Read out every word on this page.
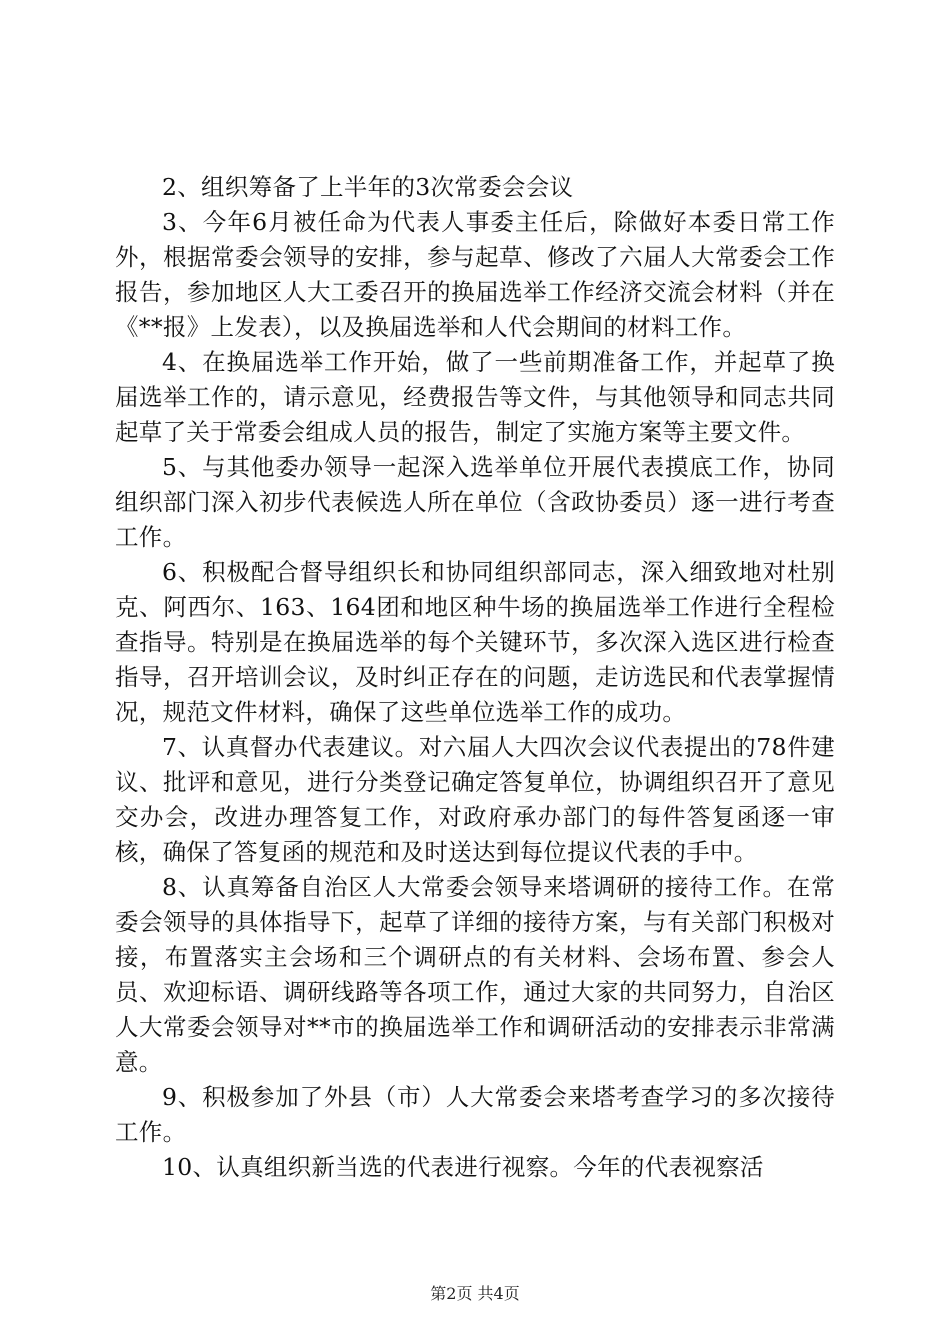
2、组织筹备了上半年的3次常委会会议

3、今年6月被任命为代表人事委主任后，除做好本委日常工作外，根据常委会领导的安排，参与起草、修改了六届人大常委会工作报告，参加地区人大工委召开的换届选举工作经济交流会材料（并在《**报》上发表），以及换届选举和人代会期间的材料工作。

4、在换届选举工作开始，做了一些前期准备工作，并起草了换届选举工作的，请示意见，经费报告等文件，与其他领导和同志共同起草了关于常委会组成人员的报告，制定了实施方案等主要文件。

5、与其他委办领导一起深入选举单位开展代表摸底工作，协同组织部门深入初步代表候选人所在单位（含政协委员）逐一进行考查工作。

6、积极配合督导组织长和协同组织部同志，深入细致地对杜别克、阿西尔、163、164团和地区种牛场的换届选举工作进行全程检查指导。特别是在换届选举的每个关键环节，多次深入选区进行检查指导，召开培训会议，及时纠正存在的问题，走访选民和代表掌握情况，规范文件材料，确保了这些单位选举工作的成功。

7、认真督办代表建议。对六届人大四次会议代表提出的78件建议、批评和意见，进行分类登记确定答复单位，协调组织召开了意见交办会，改进办理答复工作，对政府承办部门的每件答复函逐一审核，确保了答复函的规范和及时送达到每位提议代表的手中。

8、认真筹备自治区人大常委会领导来塔调研的接待工作。在常委会领导的具体指导下，起草了详细的接待方案，与有关部门积极对接，布置落实主会场和三个调研点的有关材料、会场布置、参会人员、欢迎标语、调研线路等各项工作，通过大家的共同努力，自治区人大常委会领导对**市的换届选举工作和调研活动的安排表示非常满意。

9、积极参加了外县（市）人大常委会来塔考查学习的多次接待工作。

10、认真组织新当选的代表进行视察。今年的代表视察活

第2页 共4页
